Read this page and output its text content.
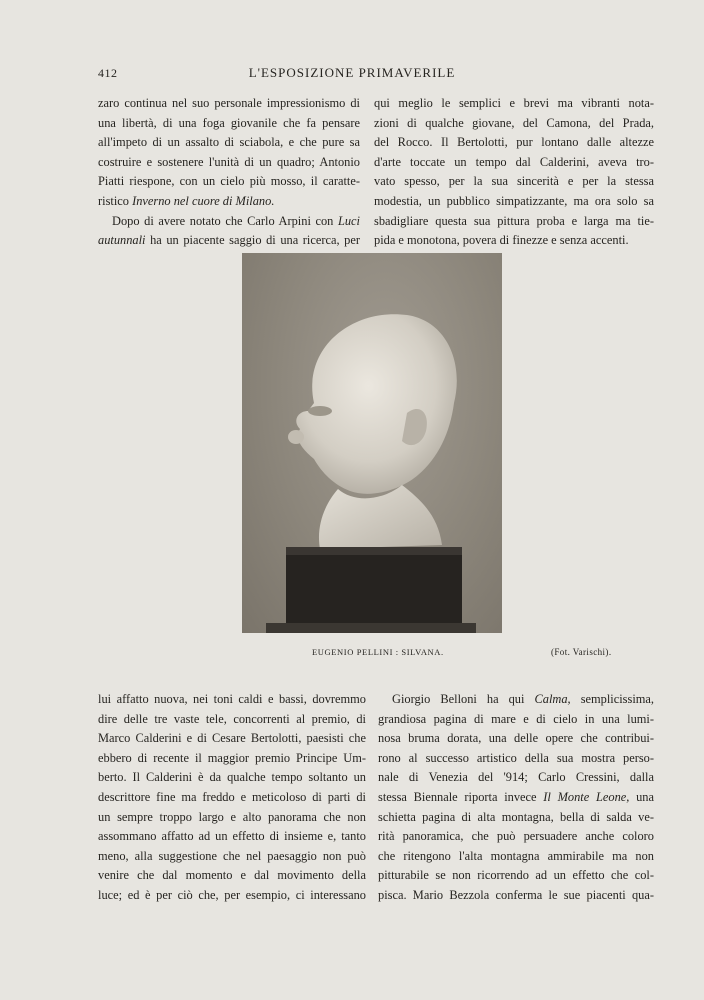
412	L'ESPOSIZIONE PRIMAVERILE
zaro continua nel suo personale impressionismo di
una libertà, di una foga giovanile che fa pensare
all'impeto di un assalto di sciabola, e che pure sa
costruire e sostenere l'unità di un quadro; Antonio
Piatti riespone, con un cielo più mosso, il caratte-
ristico Inverno nel cuore di Milano.
Dopo di avere notato che Carlo Arpini con Luci
autunnali ha un piacente saggio di una ricerca, per
qui meglio le semplici e brevi ma vibranti nota-
zioni di qualche giovane, del Camona, del Prada,
del Rocco. Il Bertolotti, pur lontano dalle altezze
d'arte toccate un tempo dal Calderini, aveva tro-
vato spesso, per la sua sincerità e per la stessa
modestia, un pubblico simpatizzante, ma ora solo sa
sbadigliare questa sua pittura proba e larga ma tie-
pida e monotona, povera di finezze e senza accenti.
EUGENIO PELLINI : SILVANA.	(Fot. Varischi).
lui affatto nuova, nei toni caldi e bassi, dovremmo
dire delle tre vaste tele, concorrenti al premio, di
Marco Calderini e di Cesare Bertolotti, paesisti che
ebbero di recente il maggior premio Principe Um-
berto. Il Calderini è da qualche tempo soltanto un
descrittore fine ma freddo e meticoloso di parti di
un sempre troppo largo e alto panorama che non
assommano affatto ad un effetto di insieme e, tanto
meno, alla suggestione che nel paesaggio non può
venire che dal momento e dal movimento della
luce; ed è per ciò che, per esempio, ci interessano
Giorgio Belloni ha qui Calma, semplicissima,
grandiosa pagina di mare e di cielo in una lumi-
nosa bruma dorata, una delle opere che contribui-
rono al successo artistico della sua mostra perso-
nale di Venezia del '914; Carlo Cressini, dalla
stessa Biennale riporta invece Il Monte Leone, una
schietta pagina di alta montagna, bella di salda ve-
rità panoramica, che può persuadere anche coloro
che ritengono l'alta montagna ammirabile ma non
pitturabile se non ricorrendo ad un effetto che col-
pisca. Mario Bezzola conferma le sue piacenti qua-
